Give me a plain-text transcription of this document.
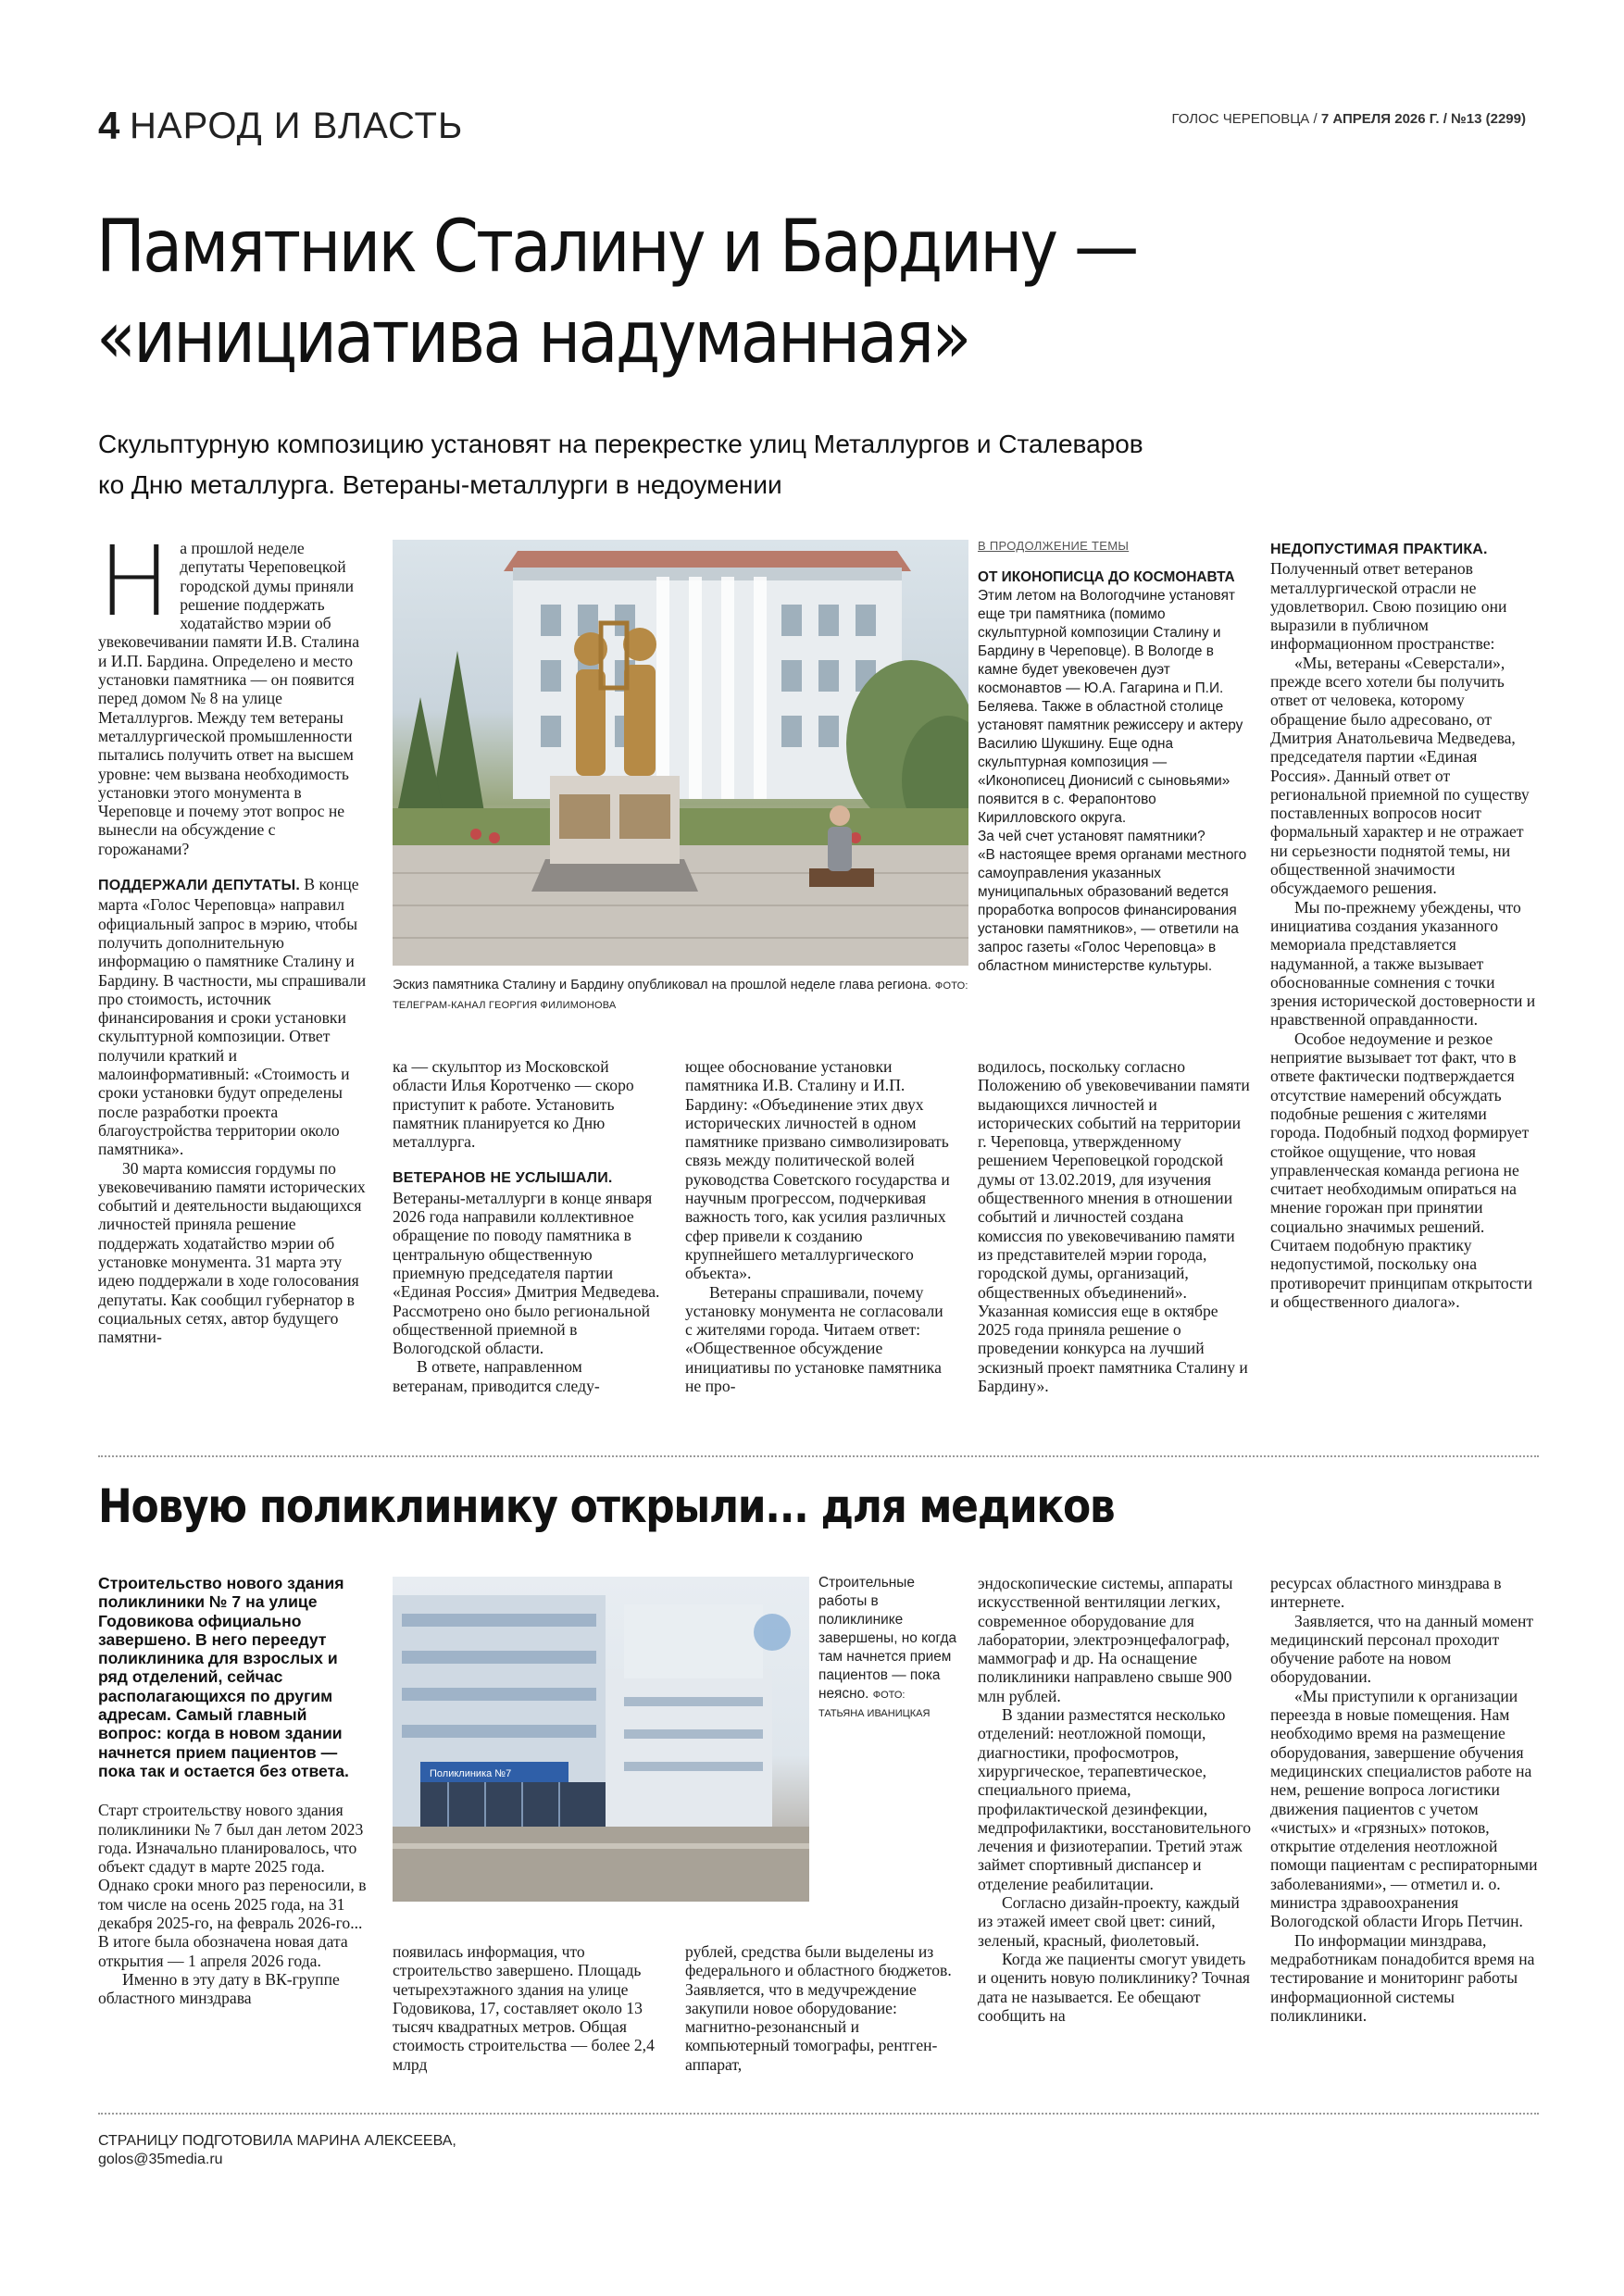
4 НАРОД И ВЛАСТЬ	ГОЛОС ЧЕРЕПОВЦА / 7 АПРЕЛЯ 2026 Г. / №13 (2299)
Памятник Сталину и Бардину —
«инициатива надуманная»
Скульптурную композицию установят на перекрестке улиц Металлургов и Сталеваров
ко Дню металлурга. Ветераны-металлурги в недоумении

На прошлой неделе депутаты Череповецкой городской думы приняли решение поддержать ходатайство мэрии об увековечивании памяти И.В. Сталина и И.П. Бардина. Определено и место установки памятника — он появится перед домом № 8 на улице Металлургов. Между тем ветераны металлургической промышленности пытались получить ответ на высшем уровне: чем вызвана необходимость установки этого монумента в Череповце и почему этот вопрос не вынесли на обсуждение с горожанами?

ПОДДЕРЖАЛИ ДЕПУТАТЫ. В конце марта «Голос Череповца» направил официальный запрос в мэрию, чтобы получить дополнительную информацию о памятнике Сталину и Бардину. В частности, мы спрашивали про стоимость, источник финансирования и сроки установки скульптурной композиции. Ответ получили краткий и малоинформативный: «Стоимость и сроки установки будут определены после разработки проекта благоустройства территории около памятника».

30 марта комиссия гордумы по увековечиванию памяти исторических событий и деятельности выдающихся личностей приняла решение поддержать ходатайство мэрии об установке монумента. 31 марта эту идею поддержали в ходе голосования депутаты. Как сообщил губернатор в социальных сетях, автор будущего памятни-

Эскиз памятника Сталину и Бардину опубликовал на прошлой неделе глава региона. ФОТО: ТЕЛЕГРАМ-КАНАЛ ГЕОРГИЯ ФИЛИМОНОВА
В ПРОДОЛЖЕНИЕ ТЕМЫ
ОТ ИКОНОПИСЦА ДО КОСМОНАВТА
Этим летом на Вологодчине установят еще три памятника (помимо скульптурной композиции Сталину и Бардину в Череповце). В Вологде в камне будет увековечен дуэт космонавтов — Ю.А. Гагарина и П.И. Беляева. Также в областной столице установят памятник режиссеру и актеру Василию Шукшину. Еще одна скульптурная композиция — «Иконописец Дионисий с сыновьями» появится в с. Ферапонтово Кирилловского округа.
За чей счет установят памятники?
«В настоящее время органами местного самоуправления указанных муниципальных образований ведется проработка вопросов финансирования установки памятников», — ответили на запрос газеты «Голос Череповца» в областном министерстве культуры.

ка — скульптор из Московской области Илья Коротченко — скоро приступит к работе. Установить памятник планируется ко Дню металлурга.

ВЕТЕРАНОВ НЕ УСЛЫШАЛИ. Ветераны-металлурги в конце января 2026 года направили коллективное обращение по поводу памятника в центральную общественную приемную председателя партии «Единая Россия» Дмитрия Медведева. Рассмотрено оно было региональной общественной приемной в Вологодской области.

В ответе, направленном ветеранам, приводится следу-

ющее обоснование установки памятника И.В. Сталину и И.П. Бардину: «Объединение этих двух исторических личностей в одном памятнике призвано символизировать связь между политической волей руководства Советского государства и научным прогрессом, подчеркивая важность того, как усилия различных сфер привели к созданию крупнейшего металлургического объекта».

Ветераны спрашивали, почему установку монумента не согласовали с жителями города. Читаем ответ: «Общественное обсуждение инициативы по установке памятника не про-

водилось, поскольку согласно Положению об увековечивании памяти выдающихся личностей и исторических событий на территории г. Череповца, утвержденному решением Череповецкой городской думы от 13.02.2019, для изучения общественного мнения в отношении событий и личностей создана комиссия по увековечиванию памяти из представителей мэрии города, городской думы, организаций, общественных объединений». Указанная комиссия еще в октябре 2025 года приняла решение о проведении конкурса на лучший эскизный проект памятника Сталину и Бардину».

НЕДОПУСТИМАЯ ПРАКТИКА. Полученный ответ ветеранов металлургической отрасли не удовлетворил. Свою позицию они выразили в публичном информационном пространстве:

«Мы, ветераны «Северстали», прежде всего хотели бы получить ответ от человека, которому обращение было адресовано, от Дмитрия Анатольевича Медведева, председателя партии «Единая Россия». Данный ответ от региональной приемной по существу поставленных вопросов носит формальный характер и не отражает ни серьезности поднятой темы, ни общественной значимости обсуждаемого решения.

Мы по-прежнему убеждены, что инициатива создания указанного мемориала представляется надуманной, а также вызывает обоснованные сомнения с точки зрения исторической достоверности и нравственной оправданности.

Особое недоумение и резкое неприятие вызывает тот факт, что в ответе фактически подтверждается отсутствие намерений обсуждать подобные решения с жителями города. Подобный подход формирует стойкое ощущение, что новая управленческая команда региона не считает необходимым опираться на мнение горожан при принятии социально значимых решений. Считаем подобную практику недопустимой, поскольку она противоречит принципам открытости и общественного диалога».

Новую поликлинику открыли... для медиков

Строительство нового здания поликлиники № 7 на улице Годовикова официально завершено. В него переедут поликлиника для взрослых и ряд отделений, сейчас располагающихся по другим адресам. Самый главный вопрос: когда в новом здании начнется прием пациентов — пока так и остается без ответа.

Старт строительству нового здания поликлиники № 7 был дан летом 2023 года. Изначально планировалось, что объект сдадут в марте 2025 года. Однако сроки много раз переносили, в том числе на осень 2025 года, на 31 декабря 2025-го, на февраль 2026-го... В итоге была обозначена новая дата открытия — 1 апреля 2026 года.

Именно в эту дату в ВК-группе областного минздрава

Поликлиника №7
Строительные работы в поликлинике завершены, но когда там начнется прием пациентов — пока неясно. ФОТО:
ТАТЬЯНА ИВАНИЦКАЯ

появилась информация, что строительство завершено. Площадь четырехэтажного здания на улице Годовикова, 17, составляет около 13 тысяч квадратных метров. Общая стоимость строительства — более 2,4 млрд

рублей, средства были выделены из федерального и областного бюджетов. Заявляется, что в медучреждение закупили новое оборудование: магнитно-резонансный и компьютерный томографы, рентген-аппарат,

эндоскопические системы, аппараты искусственной вентиляции легких, современное оборудование для лаборатории, электроэнцефалограф, маммограф и др. На оснащение поликлиники направлено свыше 900 млн рублей.

В здании разместятся несколько отделений: неотложной помощи, диагностики, профосмотров, хирургическое, терапевтическое, специального приема, профилактической дезинфекции, медпрофилактики, восстановительного лечения и физиотерапии. Третий этаж займет спортивный диспансер и отделение реабилитации.

Согласно дизайн-проекту, каждый из этажей имеет свой цвет: синий, зеленый, красный, фиолетовый.

Когда же пациенты смогут увидеть и оценить новую поликлинику? Точная дата не называется. Ее обещают сообщить на

ресурсах областного минздрава в интернете.

Заявляется, что на данный момент медицинский персонал проходит обучение работе на новом оборудовании.

«Мы приступили к организации переезда в новые помещения. Нам необходимо время на размещение оборудования, завершение обучения медицинских специалистов работе на нем, решение вопроса логистики движения пациентов с учетом «чистых» и «грязных» потоков, открытие отделения неотложной помощи пациентам с респираторными заболеваниями», — отметил и. о. министра здравоохранения Вологодской области Игорь Петчин.

По информации минздрава, медработникам понадобится время на тестирование и мониторинг работы информационной системы поликлиники.

СТРАНИЦУ ПОДГОТОВИЛА МАРИНА АЛЕКСЕЕВА,
golos@35media.ru
